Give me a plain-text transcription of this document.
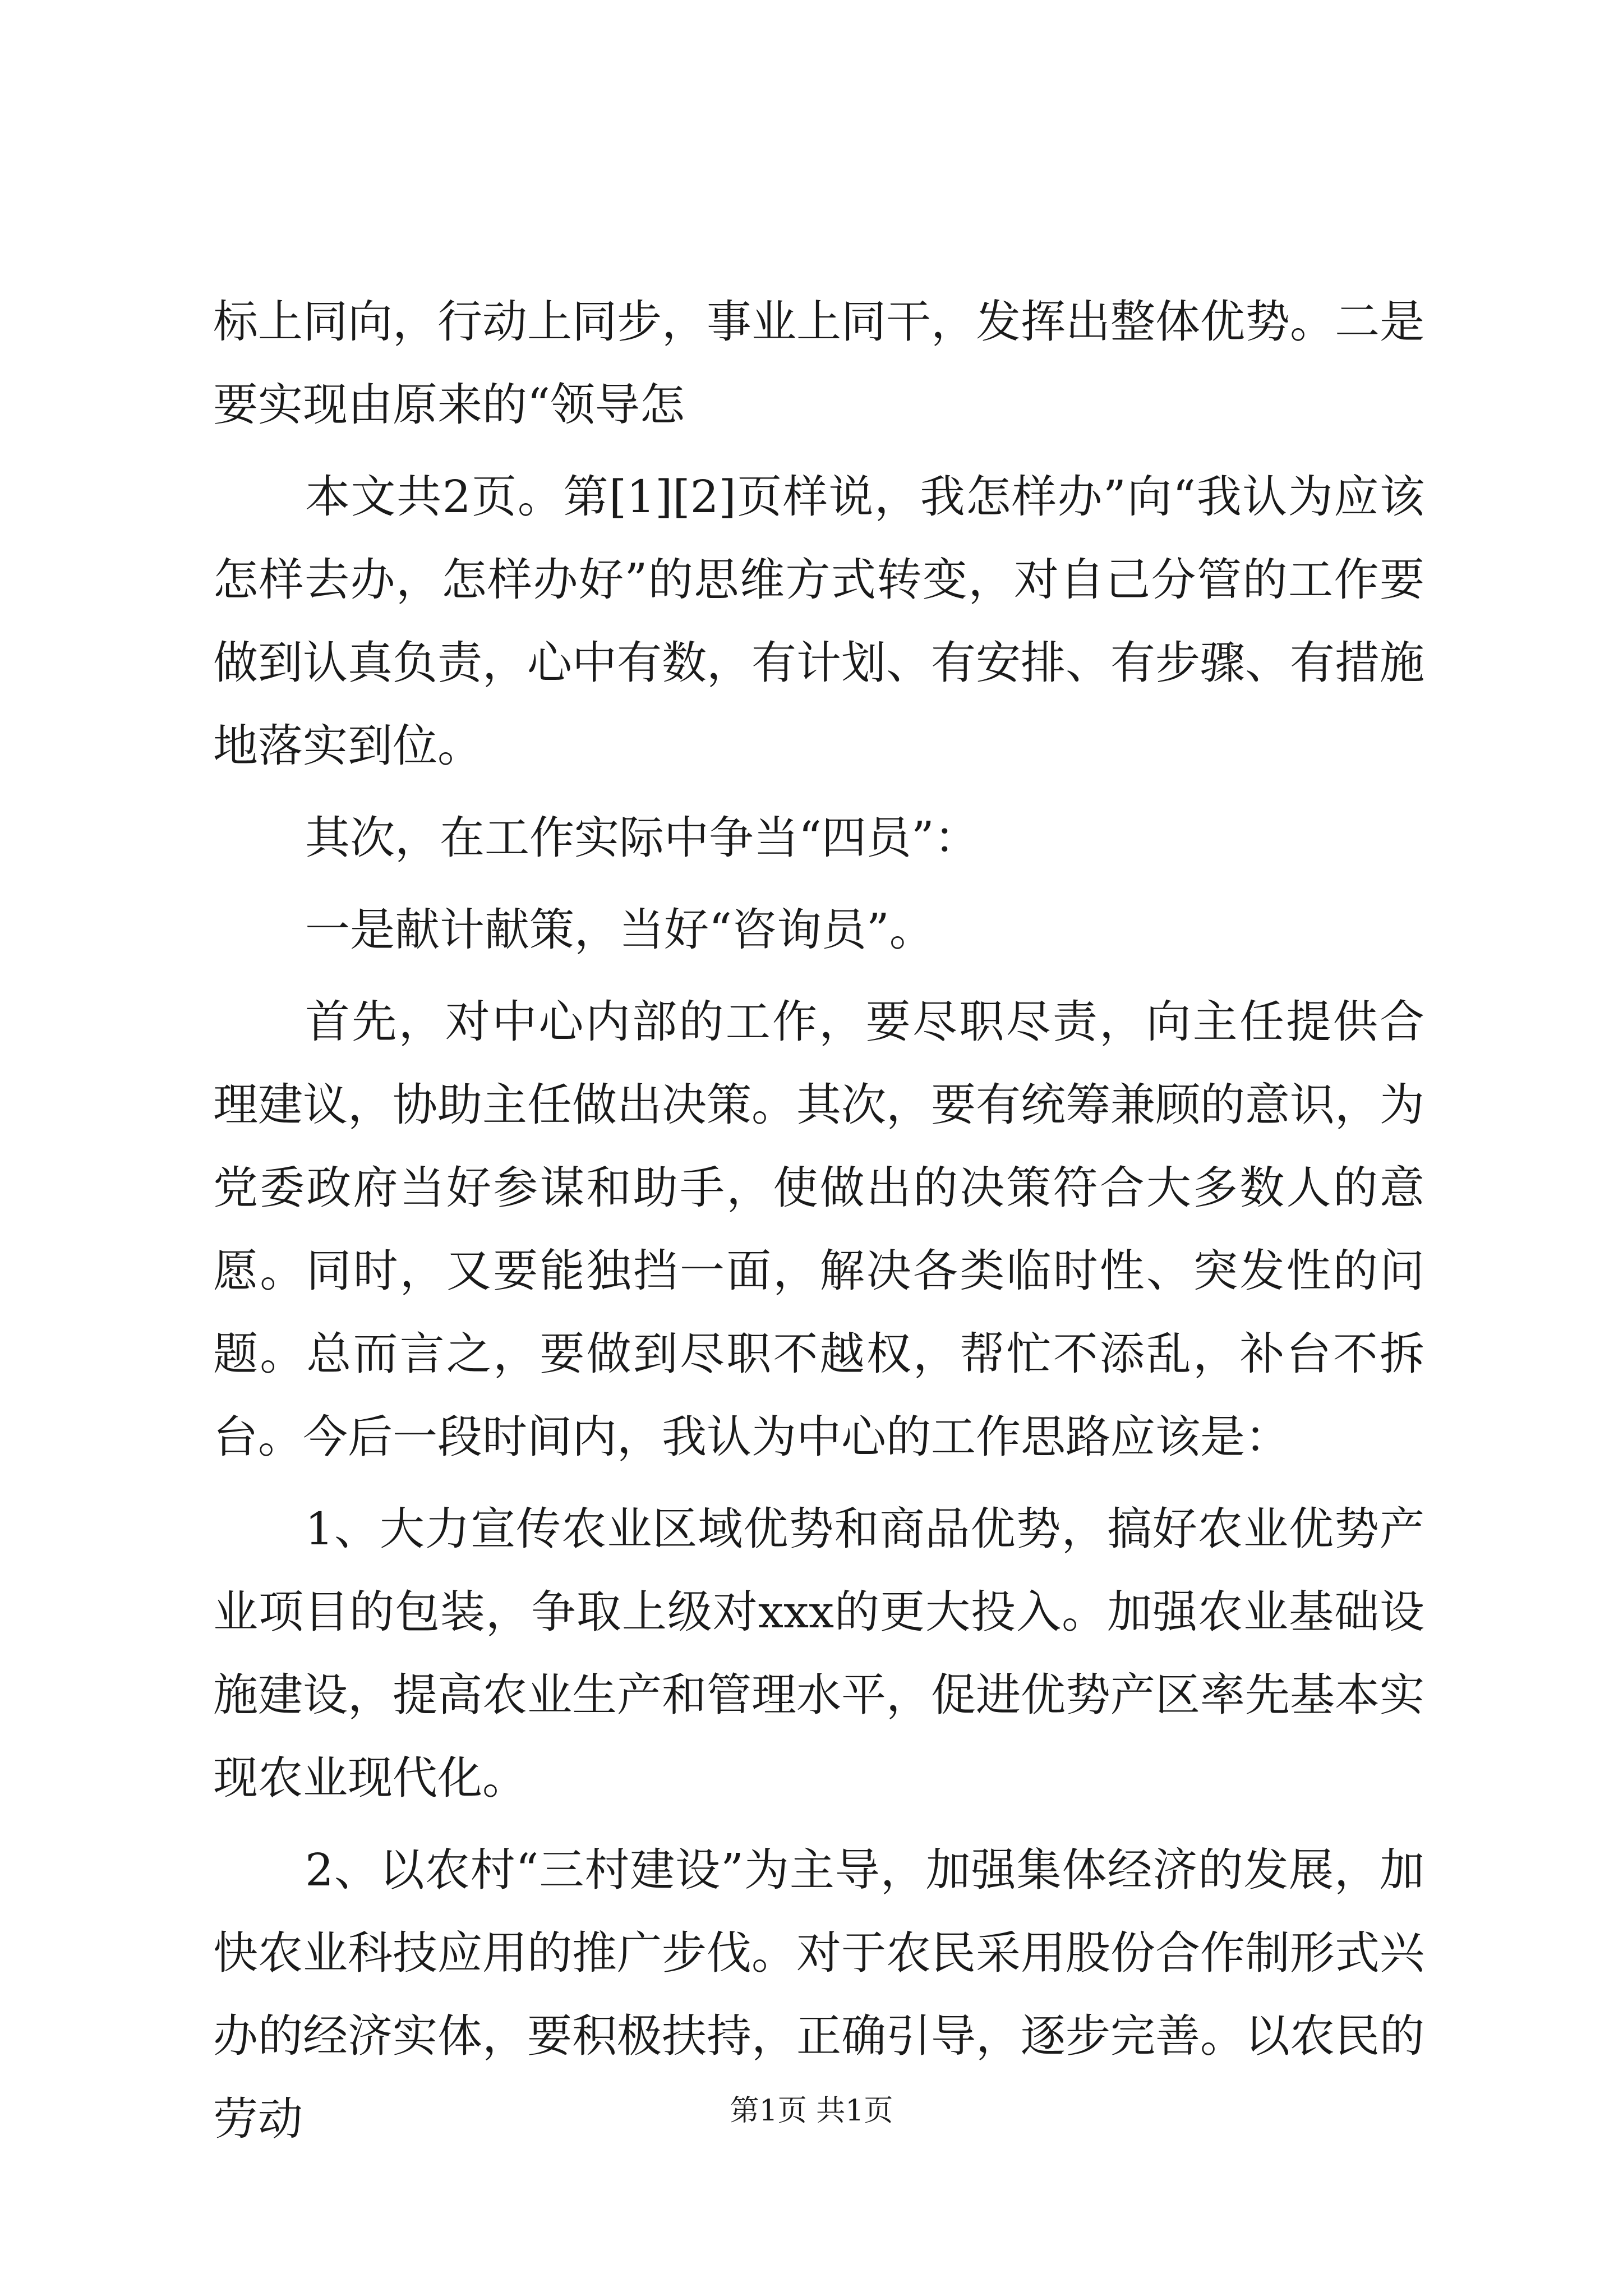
标上同向，行动上同步，事业上同干，发挥出整体优势。二是要实现由原来的“领导怎

本文共2页。第[1][2]页样说，我怎样办”向“我认为应该怎样去办，怎样办好”的思维方式转变，对自己分管的工作要做到认真负责，心中有数，有计划、有安排、有步骤、有措施地落实到位。

其次，在工作实际中争当“四员”：

一是献计献策，当好“咨询员”。

首先，对中心内部的工作，要尽职尽责，向主任提供合理建议，协助主任做出决策。其次，要有统筹兼顾的意识，为党委政府当好参谋和助手，使做出的决策符合大多数人的意愿。同时，又要能独挡一面，解决各类临时性、突发性的问题。总而言之，要做到尽职不越权，帮忙不添乱，补台不拆台。今后一段时间内，我认为中心的工作思路应该是：

1、大力宣传农业区域优势和商品优势，搞好农业优势产业项目的包装，争取上级对xxx的更大投入。加强农业基础设施建设，提高农业生产和管理水平，促进优势产区率先基本实现农业现代化。

2、以农村“三村建设”为主导，加强集体经济的发展，加快农业科技应用的推广步伐。对于农民采用股份合作制形式兴办的经济实体，要积极扶持，正确引导，逐步完善。以农民的劳动	第1页 共1页
